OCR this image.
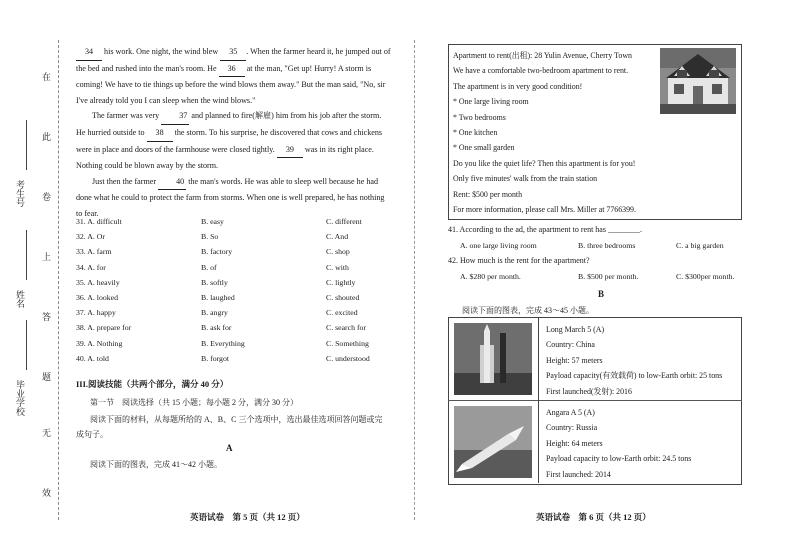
在
此
卷
上
答
题
无
效
考生号
姓名
毕业学校
34 his work. One night, the wind blew 35 . When the farmer heard it, he jumped out of
the bed and rushed into the man's room. He 36 at the man, "Get up! Hurry! A storm is
coming! We have to tie things up before the wind blows them away." But the man said, "No, sir
I've already told you I can sleep when the wind blows."
The farmer was very 37 and planned to fire(解雇) him from his job after the storm.
He hurried outside to 38 the storm. To his surprise, he discovered that cows and chickens
were in place and doors of the farmhouse were closed tightly. 39 was in its right place.
Nothing could be blown away by the storm.
Just then the farmer 40 the man's words. He was able to sleep well because he had
done what he could to protect the farm from storms. When one is well prepared, he has nothing
to fear.
31. A. difficult	B. easy	C. different
32. A. Or	B. So	C. And
33. A. farm	B. factory	C. shop
34. A. for	B. of	C. with
35. A. heavily	B. softly	C. lightly
36. A. looked	B. laughed	C. shouted
37. A. happy	B. angry	C. excited
38. A. prepare for	B. ask for	C. search for
39. A. Nothing	B. Everything	C. Something
40. A. told	B. forgot	C. understood
III.阅读技能（共两个部分，满分 40 分）
第一节　阅读选择（共 15 小题；每小题 2 分，满分 30 分）
阅读下面的材料，从每题所给的 A、B、C 三个选项中，选出最佳选项回答问题或完
成句子。
A
阅读下面的图表，完成 41～42 小题。
英语试卷　第 5 页（共 12 页）
Apartment to rent(出租): 28 Yulin Avenue, Cherry Town
We have a comfortable two-bedroom apartment to rent.
The apartment is in very good condition!
* One large living room
* Two bedrooms
* One kitchen
* One small garden
Do you like the quiet life? Then this apartment is for you!
Only five minutes' walk from the train station
Rent: $500 per month
For more information, please call Mrs. Miller at 7766399.
41. According to the ad, the apartment to rent has ________.
A. one large living room	B. three bedrooms	C. a big garden
42. How much is the rent for the apartment?
A. $280 per month.	B. $500 per month.	C. $300per month.
B
阅读下面的图表，完成 43～45 小题。
Long March 5 (A)
Country: China
Height: 57 meters
Payload capacity(有效载荷) to low-Earth orbit: 25 tons
First launched(发射): 2016
Angara A 5 (A)
Country: Russia
Height: 64 meters
Payload capacity to low-Earth orbit: 24.5 tons
First launched: 2014
英语试卷　第 6 页（共 12 页）
